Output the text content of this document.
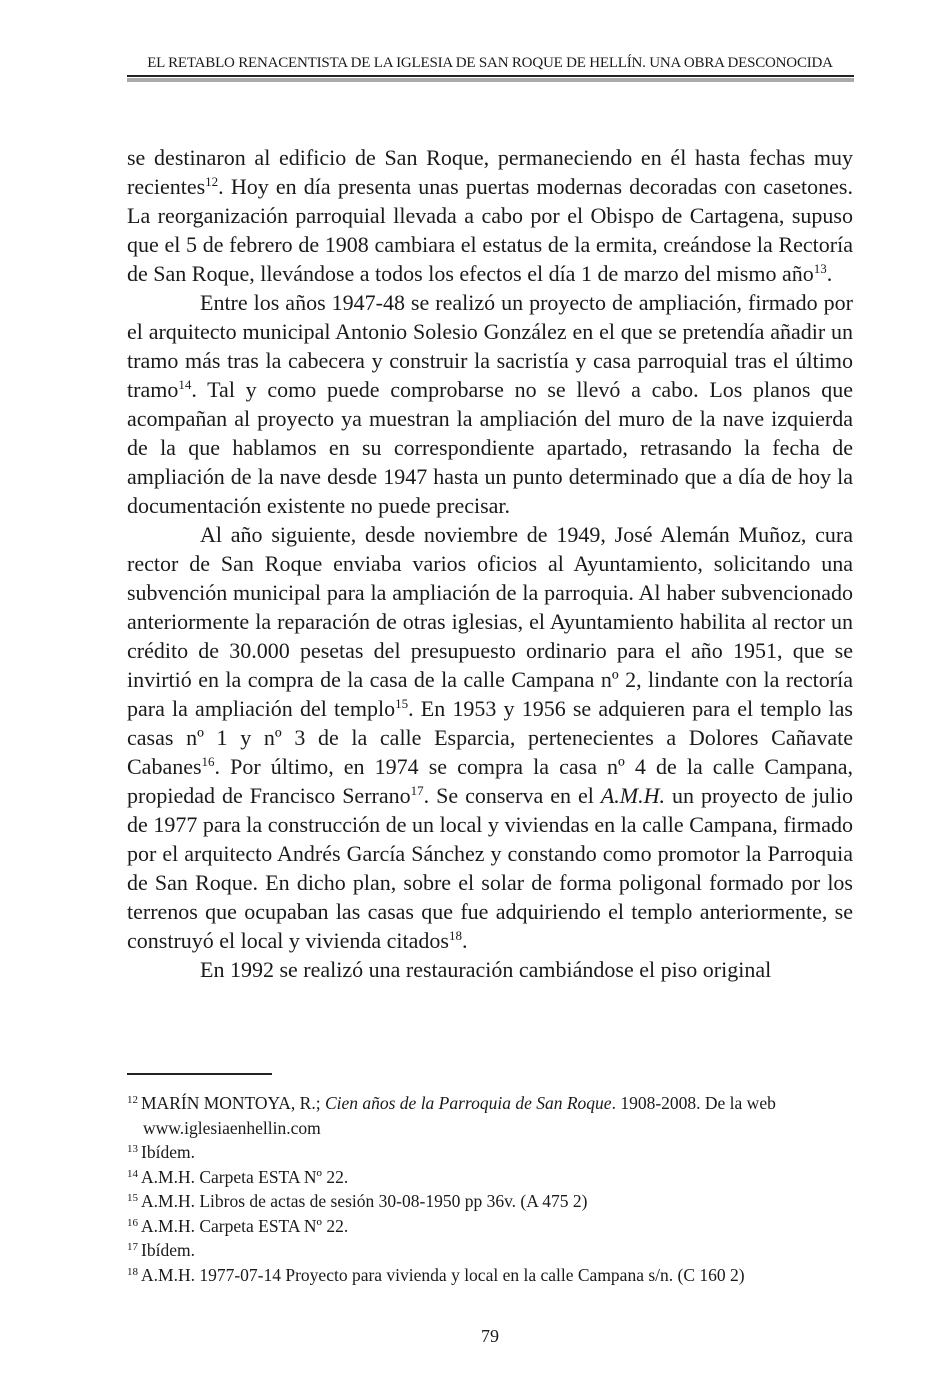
EL RETABLO RENACENTISTA DE LA IGLESIA DE SAN ROQUE DE HELLÍN. UNA OBRA DESCONOCIDA

se destinaron al edificio de San Roque, permaneciendo en él hasta fechas muy recientes$^{12}$. Hoy en día presenta unas puertas modernas decoradas con casetones. La reorganización parroquial llevada a cabo por el Obispo de Cartagena, supuso que el 5 de febrero de 1908 cambiara el estatus de la ermita, creándose la Rectoría de San Roque, llevándose a todos los efectos el día 1 de marzo del mismo año$^{13}$.

Entre los años 1947-48 se realizó un proyecto de ampliación, firmado por el arquitecto municipal Antonio Solesio González en el que se pretendía añadir un tramo más tras la cabecera y construir la sacristía y casa parroquial tras el último tramo$^{14}$. Tal y como puede comprobarse no se llevó a cabo. Los planos que acompañan al proyecto ya muestran la ampliación del muro de la nave izquierda de la que hablamos en su correspondiente apartado, retrasando la fecha de ampliación de la nave desde 1947 hasta un punto determinado que a día de hoy la documentación existente no puede precisar.

Al año siguiente, desde noviembre de 1949, José Alemán Muñoz, cura rector de San Roque enviaba varios oficios al Ayuntamiento, solicitando una subvención municipal para la ampliación de la parroquia. Al haber subvencionado anteriormente la reparación de otras iglesias, el Ayuntamiento habilita al rector un crédito de 30.000 pesetas del presupuesto ordinario para el año 1951, que se invirtió en la compra de la casa de la calle Campana nº 2, lindante con la rectoría para la ampliación del templo$^{15}$. En 1953 y 1956 se adquieren para el templo las casas nº 1 y nº 3 de la calle Esparcia, pertenecientes a Dolores Cañavate Cabanes$^{16}$. Por último, en 1974 se compra la casa nº 4 de la calle Campana, propiedad de Francisco Serrano$^{17}$. Se conserva en el A.M.H. un proyecto de julio de 1977 para la construcción de un local y viviendas en la calle Campana, firmado por el arquitecto Andrés García Sánchez y constando como promotor la Parroquia de San Roque. En dicho plan, sobre el solar de forma poligonal formado por los terrenos que ocupaban las casas que fue adquiriendo el templo anteriormente, se construyó el local y vivienda citados$^{18}$.

En 1992 se realizó una restauración cambiándose el piso original

$^{12}$ MARÍN MONTOYA, R.; Cien años de la Parroquia de San Roque. 1908-2008. De la web www.iglesiaenhellin.com
$^{13}$ Ibídem.
$^{14}$ A.M.H. Carpeta ESTA Nº 22.
$^{15}$ A.M.H. Libros de actas de sesión 30-08-1950 pp 36v. (A 475 2)
$^{16}$ A.M.H. Carpeta ESTA Nº 22.
$^{17}$ Ibídem.
$^{18}$ A.M.H. 1977-07-14 Proyecto para vivienda y local en la calle Campana s/n. (C 160 2)
79
